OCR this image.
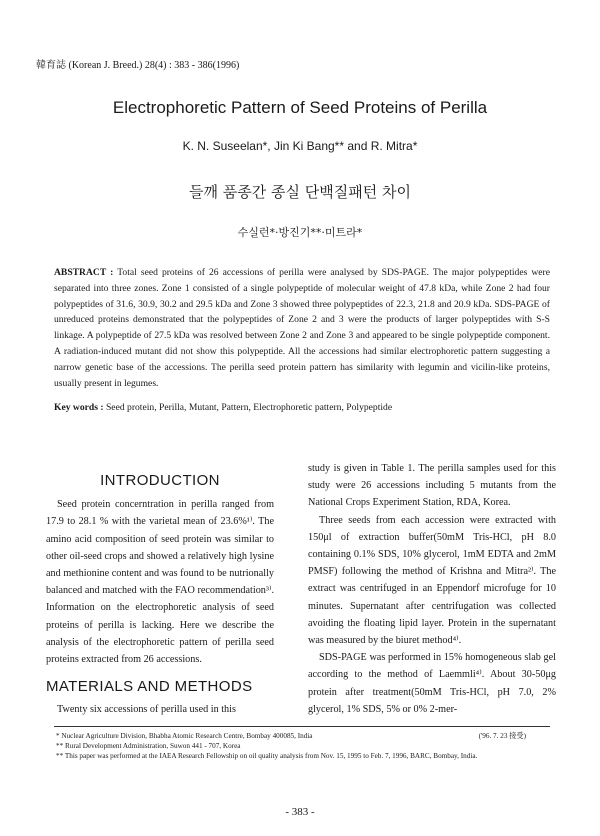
韓育誌 (Korean J. Breed.) 28(4) : 383 - 386(1996)
Electrophoretic Pattern of Seed Proteins of Perilla
K. N. Suseelan*, Jin Ki Bang** and R. Mitra*
들깨 품종간 종실 단백질패턴 차이
수실런*·방진기**·미트라*
ABSTRACT : Total seed proteins of 26 accessions of perilla were analysed by SDS-PAGE. The major polypeptides were separated into three zones. Zone 1 consisted of a single polypeptide of molecular weight of 47.8 kDa, while Zone 2 had four polypeptides of 31.6, 30.9, 30.2 and 29.5 kDa and Zone 3 showed three polypeptides of 22.3, 21.8 and 20.9 kDa. SDS-PAGE of unreduced proteins demonstrated that the polypeptides of Zone 2 and 3 were the products of larger polypeptides with S-S linkage. A polypeptide of 27.5 kDa was resolved between Zone 2 and Zone 3 and appeared to be single polypeptide component. A radiation-induced mutant did not show this polypeptide. All the accessions had similar electrophoretic pattern suggesting a narrow genetic base of the accessions. The perilla seed protein pattern has similarity with legumin and vicilin-like proteins, usually present in legumes.
Key words : Seed protein, Perilla, Mutant, Pattern, Electrophoretic pattern, Polypeptide
INTRODUCTION

Seed protein concerntration in perilla ranged from 17.9 to 28.1 % with the varietal mean of 23.6%¹⁾. The amino acid composition of seed protein was similar to other oil-seed crops and showed a relatively high lysine and methionine content and was found to be nutrionally balanced and matched with the FAO recommendation³⁾. Information on the electrophoretic analysis of seed proteins of perilla is lacking. Here we describe the analysis of the electrophoretic pattern of perilla seed proteins extracted from 26 accessions.

MATERIALS AND METHODS

Twenty six accessions of perilla used in this

study is given in Table 1. The perilla samples used for this study were 26 accessions including 5 mutants from the National Crops Experiment Station, RDA, Korea.

Three seeds from each accession were extracted with 150μl of extraction buffer(50mM Tris-HCl, pH 8.0 containing 0.1% SDS, 10% glycerol, 1mM EDTA and 2mM PMSF) following the method of Krishna and Mitra²⁾. The extract was centrifuged in an Eppendorf microfuge for 10 minutes. Supernatant after centrifugation was collected avoiding the floating lipid layer. Protein in the supernatant was measured by the biuret method⁴⁾.

SDS-PAGE was performed in 15% homogeneous slab gel according to the method of Laemmli⁴⁾. About 30-50μg protein after treatment(50mM Tris-HCl, pH 7.0, 2% glycerol, 1% SDS, 5% or 0% 2-mer-

* Nuclear Agriculture Division, Bhabha Atomic Research Centre, Bombay 400085, India	('96. 7. 23 接受)
** Rural Development Administration, Suwon 441 - 707, Korea
** This paper was performed at the IAEA Research Fellowship on oil quality analysis from Nov. 15, 1995 to Feb. 7, 1996, BARC, Bombay, India.
- 383 -
